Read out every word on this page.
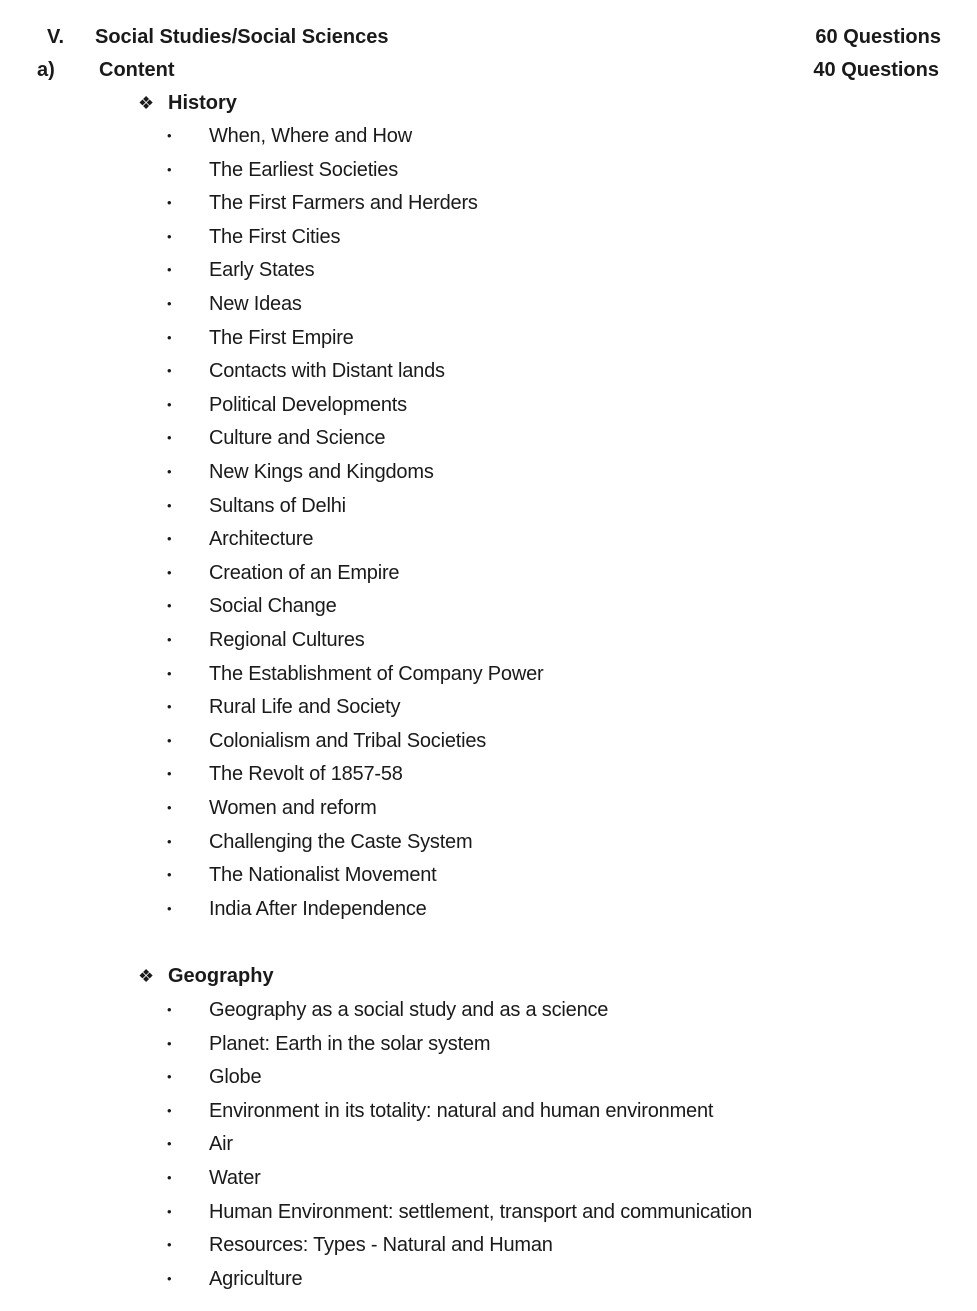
V. Social Studies/Social Sciences	60 Questions
a) Content	40 Questions
❖ History
• When, Where and How
• The Earliest Societies
• The First Farmers and Herders
• The First Cities
• Early States
• New Ideas
• The First Empire
• Contacts with Distant lands
• Political Developments
• Culture and Science
• New Kings and Kingdoms
• Sultans of Delhi
• Architecture
• Creation of an Empire
• Social Change
• Regional Cultures
• The Establishment of Company Power
• Rural Life and Society
• Colonialism and Tribal Societies
• The Revolt of 1857-58
• Women and reform
• Challenging the Caste System
• The Nationalist Movement
• India After Independence
❖ Geography
• Geography as a social study and as a science
• Planet: Earth in the solar system
• Globe
• Environment in its totality: natural and human environment
• Air
• Water
• Human Environment: settlement, transport and communication
• Resources: Types - Natural and Human
• Agriculture
